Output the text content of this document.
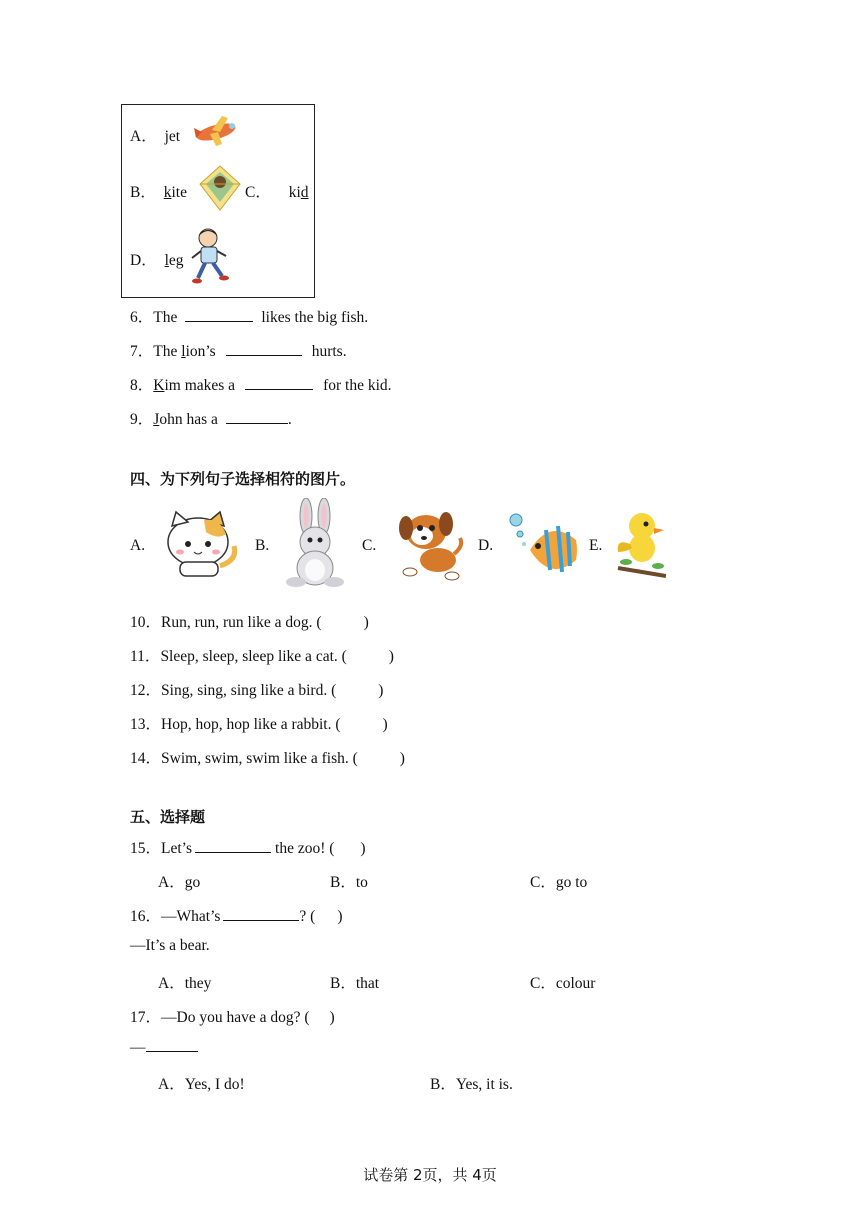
A． jet
B． kite	C． kid
D． leg
6．The	likes the big fish.
7．The lion’s	hurts.
8．Kim makes a	for the kid.
9．John has a	.
四、为下列句子选择相符的图片。
A.	B.	C.	D.	E.
10．Run, run, run like a dog. (	)
11．Sleep, sleep, sleep like a cat. (	)
12．Sing, sing, sing like a bird. (	)
13．Hop, hop, hop like a rabbit. (	)
14．Swim, swim, swim like a fish. (	)
五、选择题
15．Let’s	the zoo! ( )
A．go	B．to	C．go to
16．—What’s	? ( )
—It’s a bear.
A．they	B．that	C．colour
17．—Do you have a dog? ( )
—
A．Yes, I do!	B．Yes, it is.
试卷第 2页，共 4页
